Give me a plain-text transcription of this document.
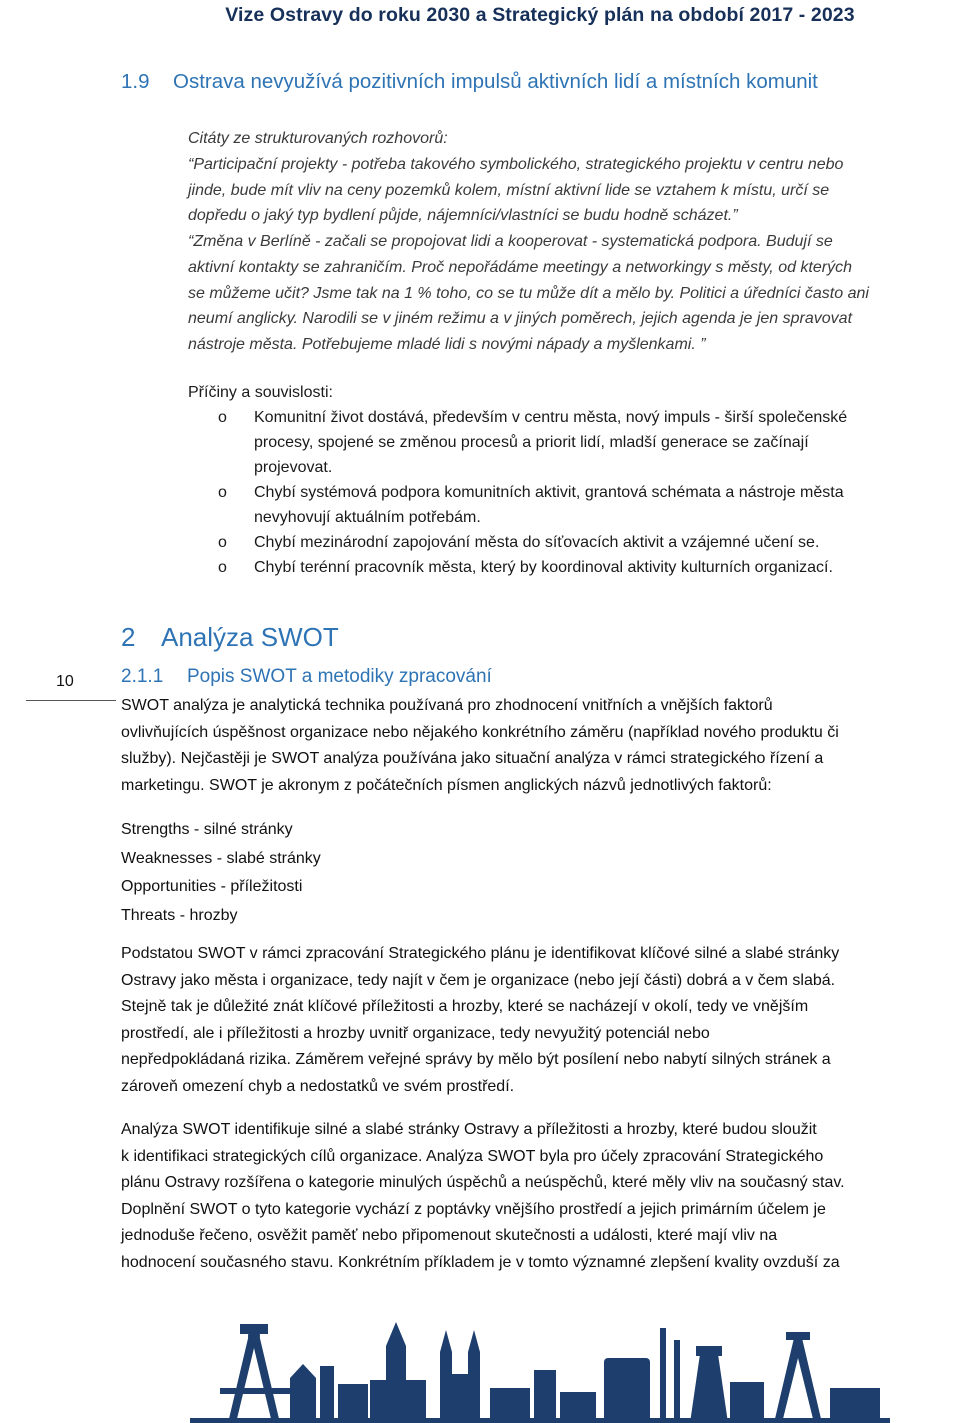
Vize Ostravy do roku 2030 a Strategický plán na období 2017 - 2023
1.9 Ostrava nevyužívá pozitivních impulsů aktivních lidí a místních komunit
Citáty ze strukturovaných rozhovorů:

“Participační projekty - potřeba takového symbolického, strategického projektu v centru nebo

jinde, bude mít vliv na ceny pozemků kolem, místní aktivní lide se vztahem k místu, určí se

dopředu o jaký typ bydlení půjde, nájemníci/vlastníci se budu hodně scházet.”

“Změna v Berlíně - začali se propojovat lidi a kooperovat - systematická podpora. Budují se

aktivní kontakty se zahraničím. Proč nepořádáme meetingy a networkingy s městy, od kterých

se můžeme učit? Jsme tak na 1 % toho, co se tu může dít a mělo by. Politici a úředníci často ani

neumí anglicky. Narodili se v jiném režimu a v jiných poměrech, jejich agenda je jen spravovat

nástroje města. Potřebujeme mladé lidi s novými nápady a myšlenkami. ”

Příčiny a souvislosti:

o Komunitní život dostává, především v centru města, nový impuls - širší společenské
procesy, spojené se změnou procesů a priorit lidí, mladší generace se začínají
projevovat.
o Chybí systémová podpora komunitních aktivit, grantová schémata a nástroje města
nevyhovují aktuálním potřebám.
o Chybí mezinárodní zapojování města do síťovacích aktivit a vzájemné učení se.
o Chybí terénní pracovník města, který by koordinoval aktivity kulturních organizací.
2 Analýza SWOT
10	2.1.1 Popis SWOT a metodiky zpracování

SWOT analýza je analytická technika používaná pro zhodnocení vnitřních a vnějších faktorů

ovlivňujících úspěšnost organizace nebo nějakého konkrétního záměru (například nového produktu či

služby). Nejčastěji je SWOT analýza používána jako situační analýza v rámci strategického řízení a

marketingu. SWOT je akronym z počátečních písmen anglických názvů jednotlivých faktorů:

Strengths - silné stránky

Weaknesses - slabé stránky

Opportunities - příležitosti

Threats - hrozby

Podstatou SWOT v rámci zpracování Strategického plánu je identifikovat klíčové silné a slabé stránky

Ostravy jako města i organizace, tedy najít v čem je organizace (nebo její části) dobrá a v čem slabá.

Stejně tak je důležité znát klíčové příležitosti a hrozby, které se nacházejí v okolí, tedy ve vnějším

prostředí, ale i příležitosti a hrozby uvnitř organizace, tedy nevyužitý potenciál nebo

nepředpokládaná rizika. Záměrem veřejné správy by mělo být posílení nebo nabytí silných stránek a

zároveň omezení chyb a nedostatků ve svém prostředí.

Analýza SWOT identifikuje silné a slabé stránky Ostravy a příležitosti a hrozby, které budou sloužit

k identifikaci strategických cílů organizace. Analýza SWOT byla pro účely zpracování Strategického

plánu Ostravy rozšířena o kategorie minulých úspěchů a neúspěchů, které měly vliv na současný stav.

Doplnění SWOT o tyto kategorie vychází z poptávky vnějšího prostředí a jejich primárním účelem je

jednoduše řečeno, osvěžit paměť nebo připomenout skutečnosti a události, které mají vliv na

hodnocení současného stavu. Konkrétním příkladem je v tomto významné zlepšení kvality ovzduší za
